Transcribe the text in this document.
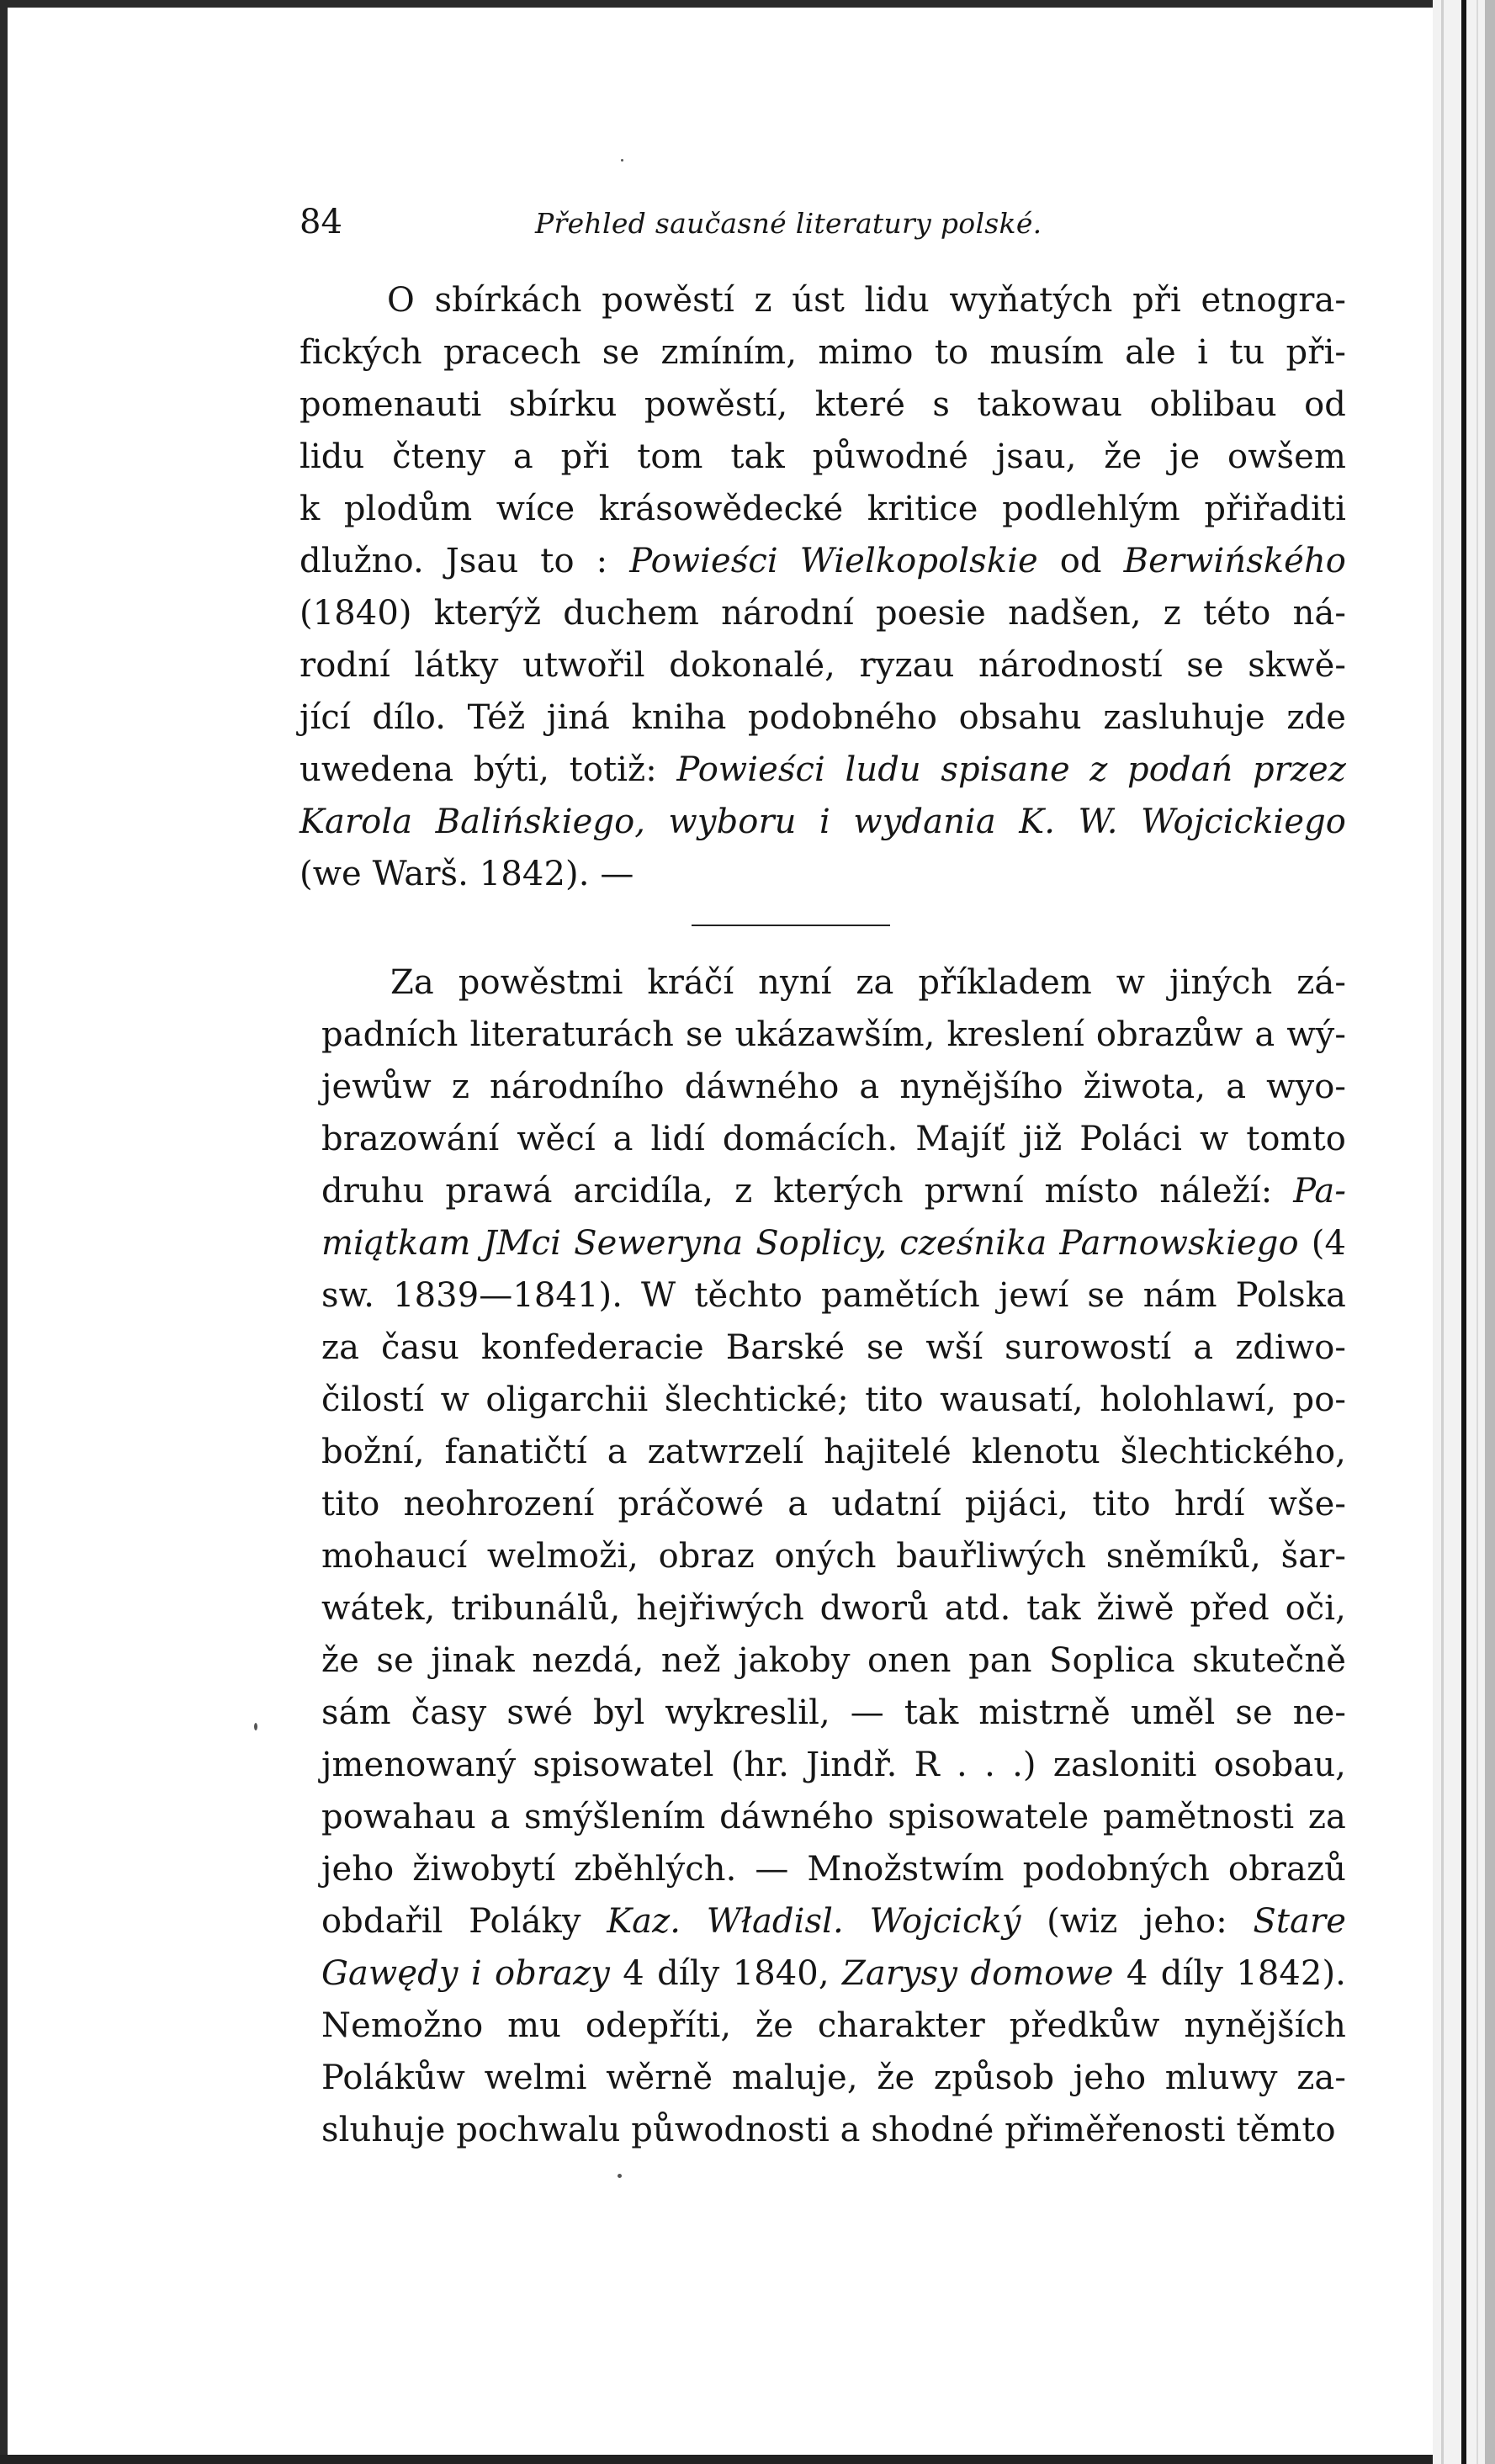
84	Přehled saučasné literatury polské.
O sbírkách powěstí z úst lidu wyňatých při etnogra-
fických pracech se zmíním, mimo to musím ale i tu při-
pomenauti sbírku powěstí, které s takowau oblibau od
lidu čteny a při tom tak půwodné jsau, že je owšem
k plodům wíce krásowědecké kritice podlehlým přiřaditi
dlužno. Jsau to : Powieści Wielkopolskie od Berwińského
(1840) kterýž duchem národní poesie nadšen, z této ná-
rodní látky utwořil dokonalé, ryzau národností se skwě-
jící dílo. Též jiná kniha podobného obsahu zasluhuje zde
uwedena býti, totiž: Powieści ludu spisane z podań przez
Karola Balińskiego, wyboru i wydania K. W. Wojcickiego
(we Warš. 1842). —
Za powěstmi kráčí nyní za příkladem w jiných zá-
padních literaturách se ukázawším, kreslení obrazůw a wý-
jewůw z národního dáwného a nynějšího žiwota, a wyo-
brazowání wěcí a lidí domácích. Majíť již Poláci w tomto
druhu prawá arcidíla, z kterých prwní místo náleží: Pa-
miątkam JMci Seweryna Soplicy, cześnika Parnowskiego (4
sw. 1839—1841). W těchto pamětích jewí se nám Polska
za času konfederacie Barské se wší surowostí a zdiwo-
čilostí w oligarchii šlechtické; tito wausatí, holohlawí, po-
božní, fanatičtí a zatwrzelí hajitelé klenotu šlechtického,
tito neohrození práčowé a udatní pijáci, tito hrdí wše-
mohaucí welmoži, obraz oných bauřliwých sněmíků, šar-
wátek, tribunálů, hejřiwých dworů atd. tak žiwě před oči,
že se jinak nezdá, než jakoby onen pan Soplica skutečně
sám časy swé byl wykreslil, — tak mistrně uměl se ne-
jmenowaný spisowatel (hr. Jindř. R . . .) zasloniti osobau,
powahau a smýšlením dáwného spisowatele pamětnosti za
jeho žiwobytí zběhlých. — Množstwím podobných obrazů
obdařil Poláky Kaz. Władisl. Wojcický (wiz jeho: Stare
Gawędy i obrazy 4 díly 1840, Zarysy domowe 4 díly 1842).
Nemožno mu odepříti, že charakter předkůw nynějších
Polákůw welmi wěrně maluje, že způsob jeho mluwy za-
sluhuje pochwalu půwodnosti a shodné přiměřenosti těmto
